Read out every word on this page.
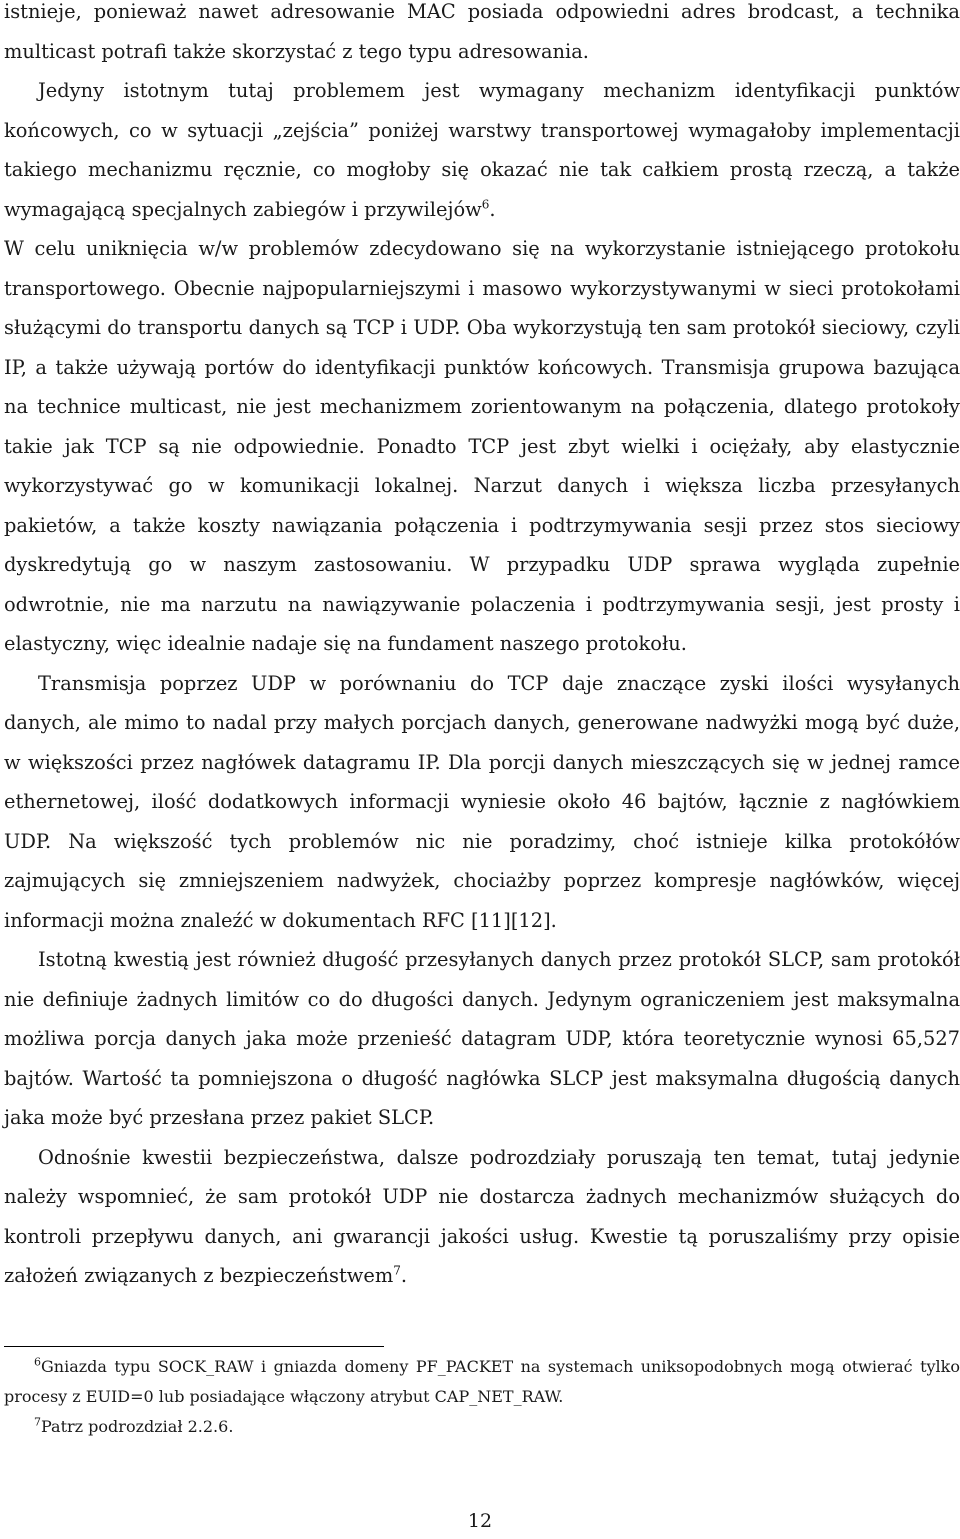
istnieje, ponieważ nawet adresowanie MAC posiada odpowiedni adres brodcast, a technika multicast potrafi także skorzystać z tego typu adresowania.

Jedyny istotnym tutaj problemem jest wymagany mechanizm identyfikacji punktów końcowych, co w sytuacji „zejścia” poniżej warstwy transportowej wymagałoby implementacji takiego mechanizmu ręcznie, co mogłoby się okazać nie tak całkiem prostą rzeczą, a także wymagającą specjalnych zabiegów i przywilejów$^6$.

W celu uniknięcia w/w problemów zdecydowano się na wykorzystanie istniejącego protokołu transportowego. Obecnie najpopularniejszymi i masowo wykorzystywanymi w sieci protokołami służącymi do transportu danych są TCP i UDP. Oba wykorzystują ten sam protokół sieciowy, czyli IP, a także używają portów do identyfikacji punktów końcowych. Transmisja grupowa bazująca na technice multicast, nie jest mechanizmem zorientowanym na połączenia, dlatego protokoły takie jak TCP są nie odpowiednie. Ponadto TCP jest zbyt wielki i ociężały, aby elastycznie wykorzystywać go w komunikacji lokalnej. Narzut danych i większa liczba przesyłanych pakietów, a także koszty nawiązania połączenia i podtrzymywania sesji przez stos sieciowy dyskredytują go w naszym zastosowaniu. W przypadku UDP sprawa wygląda zupełnie odwrotnie, nie ma narzutu na nawiązywanie polaczenia i podtrzymywania sesji, jest prosty i elastyczny, więc idealnie nadaje się na fundament naszego protokołu.

Transmisja poprzez UDP w porównaniu do TCP daje znaczące zyski ilości wysyłanych danych, ale mimo to nadal przy małych porcjach danych, generowane nadwyżki mogą być duże, w większości przez nagłówek datagramu IP. Dla porcji danych mieszczących się w jednej ramce ethernetowej, ilość dodatkowych informacji wyniesie około 46 bajtów, łącznie z nagłówkiem UDP. Na większość tych problemów nic nie poradzimy, choć istnieje kilka protokółów zajmujących się zmniejszeniem nadwyżek, chociażby poprzez kompresje nagłówków, więcej informacji można znaleźć w dokumentach RFC [11][12].

Istotną kwestią jest również długość przesyłanych danych przez protokół SLCP, sam protokół nie definiuje żadnych limitów co do długości danych. Jedynym ograniczeniem jest maksymalna możliwa porcja danych jaka może przenieść datagram UDP, która teoretycznie wynosi 65,527 bajtów. Wartość ta pomniejszona o długość nagłówka SLCP jest maksymalna długością danych jaka może być przesłana przez pakiet SLCP.

Odnośnie kwestii bezpieczeństwa, dalsze podrozdziały poruszają ten temat, tutaj jedynie należy wspomnieć, że sam protokół UDP nie dostarcza żadnych mechanizmów służących do kontroli przepływu danych, ani gwarancji jakości usług. Kwestie tą poruszaliśmy przy opisie założeń związanych z bezpieczeństwem$^7$.

$^6$Gniazda typu SOCK_RAW i gniazda domeny PF_PACKET na systemach uniksopodobnych mogą otwierać tylko procesy z EUID=0 lub posiadające włączony atrybut CAP_NET_RAW.

$^7$Patrz podrozdział 2.2.6.

12
